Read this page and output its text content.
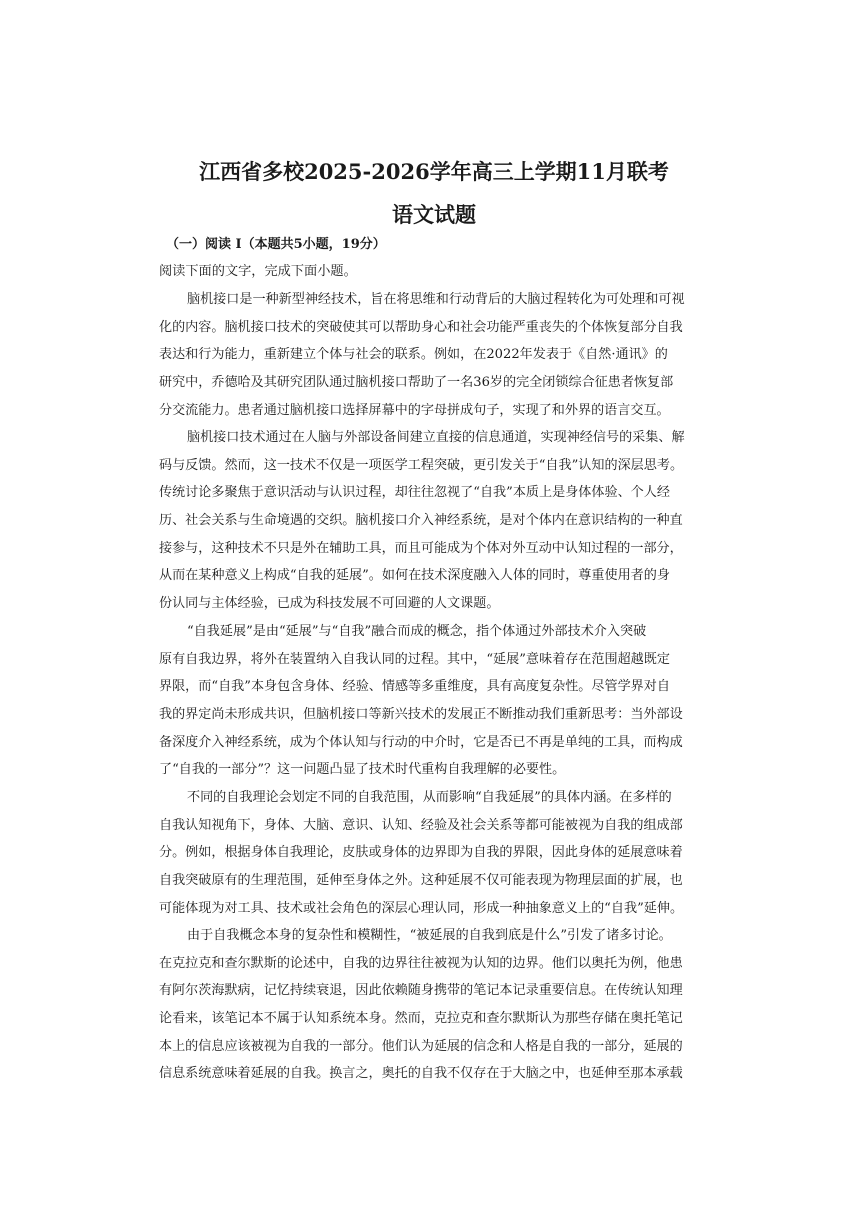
江西省多校2025-2026学年高三上学期11月联考
语文试题
（一）阅读 Ⅰ（本题共5小题，19分）
阅读下面的文字，完成下面小题。
脑机接口是一种新型神经技术，旨在将思维和行动背后的大脑过程转化为可处理和可视
化的内容。脑机接口技术的突破使其可以帮助身心和社会功能严重丧失的个体恢复部分自我
表达和行为能力，重新建立个体与社会的联系。例如，在2022年发表于《自然·通讯》的
研究中，乔德哈及其研究团队通过脑机接口帮助了一名36岁的完全闭锁综合征患者恢复部
分交流能力。患者通过脑机接口选择屏幕中的字母拼成句子，实现了和外界的语言交互。
脑机接口技术通过在人脑与外部设备间建立直接的信息通道，实现神经信号的采集、解
码与反馈。然而，这一技术不仅是一项医学工程突破，更引发关于“自我”认知的深层思考。
传统讨论多聚焦于意识活动与认识过程，却往往忽视了“自我”本质上是身体体验、个人经
历、社会关系与生命境遇的交织。脑机接口介入神经系统，是对个体内在意识结构的一种直
接参与，这种技术不只是外在辅助工具，而且可能成为个体对外互动中认知过程的一部分，
从而在某种意义上构成“自我的延展”。如何在技术深度融入人体的同时，尊重使用者的身
份认同与主体经验，已成为科技发展不可回避的人文课题。
“自我延展”是由“延展”与“自我”融合而成的概念，指个体通过外部技术介入突破
原有自我边界，将外在装置纳入自我认同的过程。其中，“延展”意味着存在范围超越既定
界限，而“自我”本身包含身体、经验、情感等多重维度，具有高度复杂性。尽管学界对自
我的界定尚未形成共识，但脑机接口等新兴技术的发展正不断推动我们重新思考：当外部设
备深度介入神经系统，成为个体认知与行动的中介时，它是否已不再是单纯的工具，而构成
了“自我的一部分”？这一问题凸显了技术时代重构自我理解的必要性。
不同的自我理论会划定不同的自我范围，从而影响“自我延展”的具体内涵。在多样的
自我认知视角下，身体、大脑、意识、认知、经验及社会关系等都可能被视为自我的组成部
分。例如，根据身体自我理论，皮肤或身体的边界即为自我的界限，因此身体的延展意味着
自我突破原有的生理范围，延伸至身体之外。这种延展不仅可能表现为物理层面的扩展，也
可能体现为对工具、技术或社会角色的深层心理认同，形成一种抽象意义上的“自我”延伸。
由于自我概念本身的复杂性和模糊性，“被延展的自我到底是什么”引发了诸多讨论。
在克拉克和查尔默斯的论述中，自我的边界往往被视为认知的边界。他们以奥托为例，他患
有阿尔茨海默病，记忆持续衰退，因此依赖随身携带的笔记本记录重要信息。在传统认知理
论看来，该笔记本不属于认知系统本身。然而，克拉克和查尔默斯认为那些存储在奥托笔记
本上的信息应该被视为自我的一部分。他们认为延展的信念和人格是自我的一部分，延展的
信息系统意味着延展的自我。换言之，奥托的自我不仅存在于大脑之中，也延伸至那本承载
